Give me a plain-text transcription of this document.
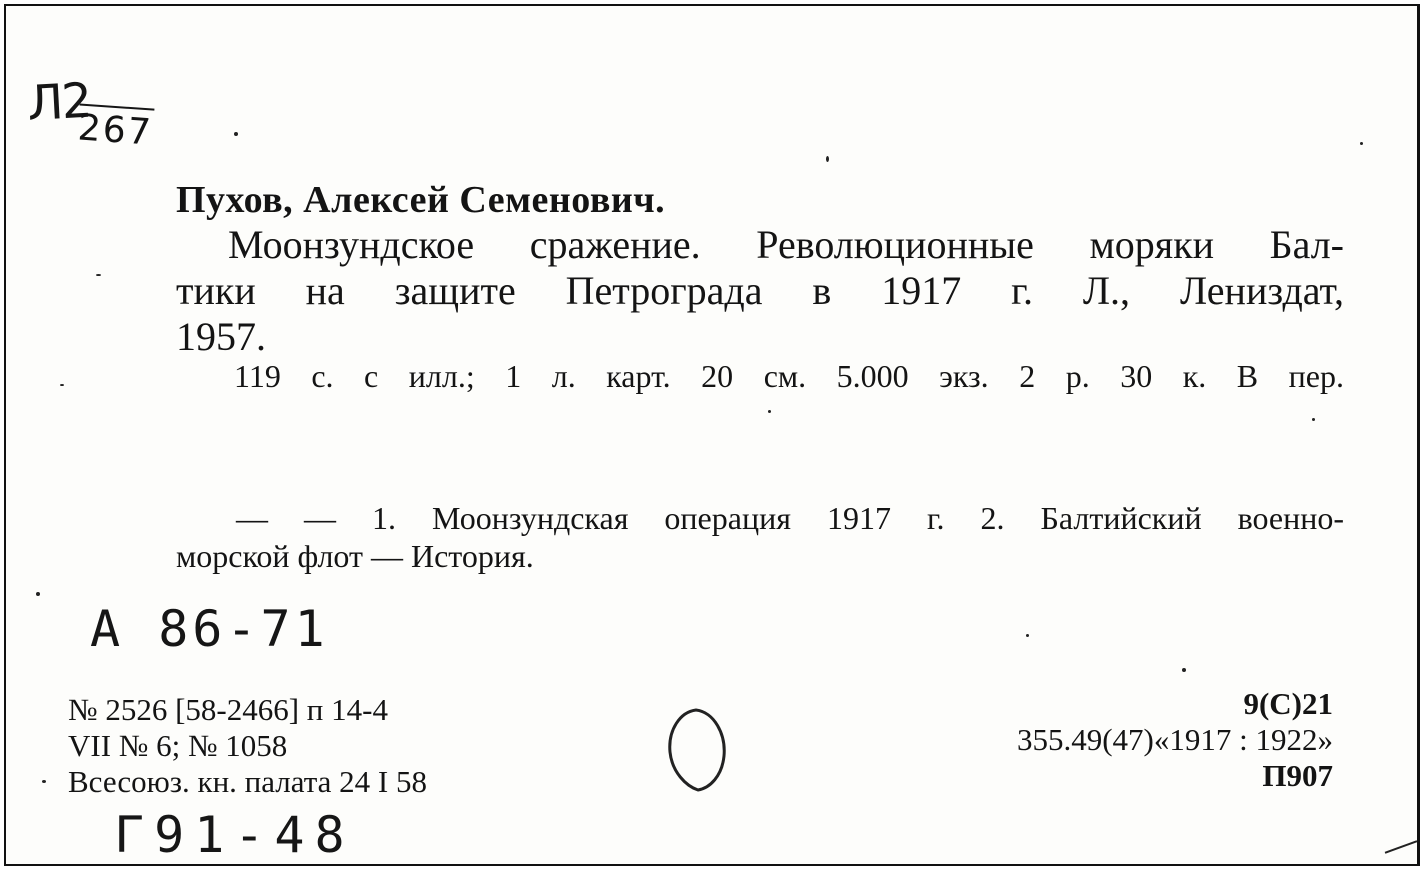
Л2
267
Пухов, Алексей Семенович.
Моонзундское сражение. Революционные моряки Бал-
тики на защите Петрограда в 1917 г. Л., Лениздат,
1957.
119 с. с илл.; 1 л. карт. 20 см. 5.000 экз. 2 р. 30 к. В пер.
— — 1. Моонзундская операция 1917 г. 2. Балтийский военно-
морской флот — История.
А 86-71
№ 2526 [58-2466] п 14-4
VII № 6; № 1058
Всесоюз. кн. палата 24 I 58
9(С)21
355.49(47)«1917 : 1922»
П907
Г91-48
